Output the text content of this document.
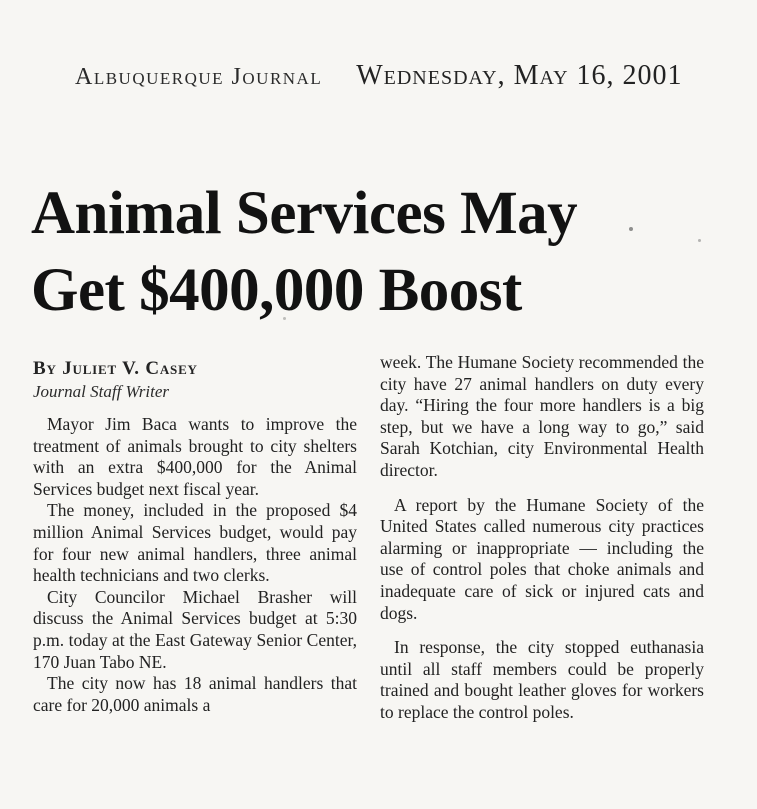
Albuquerque Journal Wednesday, May 16, 2001
Animal Services May
Get $400,000 Boost
By Juliet V. Casey
Journal Staff Writer

Mayor Jim Baca wants to improve the treatment of animals brought to city shelters with an extra $400,000 for the Animal Services budget next fiscal year.

The money, included in the proposed $4 million Animal Services budget, would pay for four new animal handlers, three animal health technicians and two clerks.

City Councilor Michael Brasher will discuss the Animal Services budget at 5:30 p.m. today at the East Gateway Senior Center, 170 Juan Tabo NE.

The city now has 18 animal handlers that care for 20,000 animals a

week. The Humane Society recommended the city have 27 animal handlers on duty every day. “Hiring the four more handlers is a big step, but we have a long way to go,” said Sarah Kotchian, city Environmental Health director.

A report by the Humane Society of the United States called numerous city practices alarming or inappropriate — including the use of control poles that choke animals and inadequate care of sick or injured cats and dogs.

In response, the city stopped euthanasia until all staff members could be properly trained and bought leather gloves for workers to replace the control poles.
